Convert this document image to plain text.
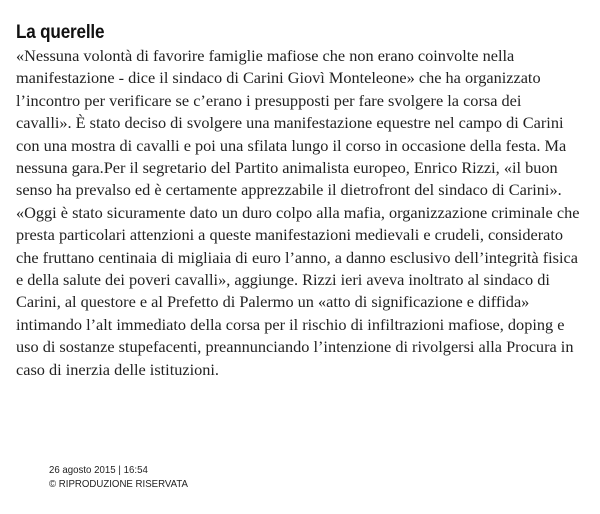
La querelle

«Nessuna volontà di favorire famiglie mafiose che non erano coinvolte nella manifestazione - dice il sindaco di Carini Giovì Monteleone» che ha organizzato l’incontro per verificare se c’erano i presupposti per fare svolgere la corsa dei cavalli». È stato deciso di svolgere una manifestazione equestre nel campo di Carini con una mostra di cavalli e poi una sfilata lungo il corso in occasione della festa. Ma nessuna gara.Per il segretario del Partito animalista europeo, Enrico Rizzi, «il buon senso ha prevalso ed è certamente apprezzabile il dietrofront del sindaco di Carini». «Oggi è stato sicuramente dato un duro colpo alla mafia, organizzazione criminale che presta particolari attenzioni a queste manifestazioni medievali e crudeli, considerato che fruttano centinaia di migliaia di euro l’anno, a danno esclusivo dell’integrità fisica e della salute dei poveri cavalli», aggiunge. Rizzi ieri aveva inoltrato al sindaco di Carini, al questore e al Prefetto di Palermo un «atto di significazione e diffida» intimando l’alt immediato della corsa per il rischio di infiltrazioni mafiose, doping e uso di sostanze stupefacenti, preannunciando l’intenzione di rivolgersi alla Procura in caso di inerzia delle istituzioni.

26 agosto 2015 | 16:54
© RIPRODUZIONE RISERVATA
